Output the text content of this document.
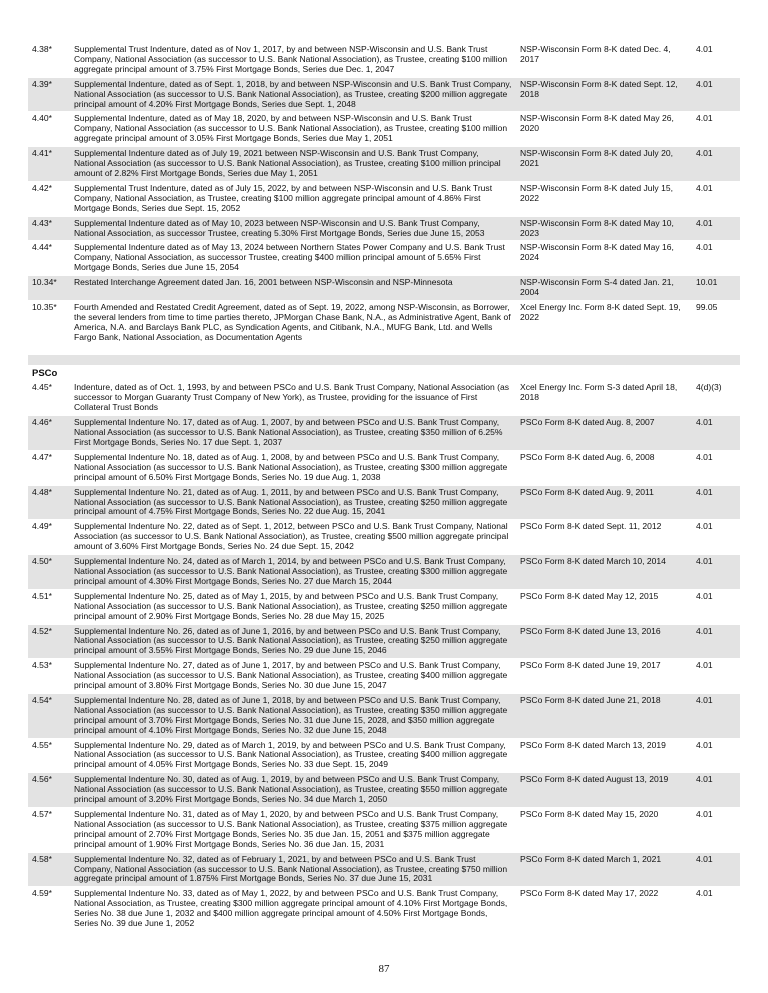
4.38*	Supplemental Trust Indenture, dated as of Nov 1, 2017, by and between NSP-Wisconsin and U.S. Bank Trust Company, National Association (as successor to U.S. Bank National Association), as Trustee, creating $100 million aggregate principal amount of 3.75% First Mortgage Bonds, Series due Dec. 1, 2047	NSP-Wisconsin Form 8-K dated Dec. 4, 2017	4.01
4.39*	Supplemental Indenture, dated as of Sept. 1, 2018, by and between NSP-Wisconsin and U.S. Bank Trust Company, National Association (as successor to U.S. Bank National Association), as Trustee, creating $200 million aggregate principal amount of 4.20% First Mortgage Bonds, Series due Sept. 1, 2048	NSP-Wisconsin Form 8-K dated Sept. 12, 2018	4.01
4.40*	Supplemental Indenture, dated as of May 18, 2020, by and between NSP-Wisconsin and U.S. Bank Trust Company, National Association (as successor to U.S. Bank National Association), as Trustee, creating $100 million aggregate principal amount of 3.05% First Mortgage Bonds, Series due May 1, 2051	NSP-Wisconsin Form 8-K dated May 26, 2020	4.01
4.41*	Supplemental Indenture dated as of July 19, 2021 between NSP-Wisconsin and U.S. Bank Trust Company, National Association (as successor to U.S. Bank National Association), as Trustee, creating $100 million principal amount of 2.82% First Mortgage Bonds, Series due May 1, 2051	NSP-Wisconsin Form 8-K dated July 20, 2021	4.01
4.42*	Supplemental Trust Indenture, dated as of July 15, 2022, by and between NSP-Wisconsin and U.S. Bank Trust Company, National Association, as Trustee, creating $100 million aggregate principal amount of 4.86% First Mortgage Bonds, Series due Sept. 15, 2052	NSP-Wisconsin Form 8-K dated July 15, 2022	4.01
4.43*	Supplemental Indenture dated as of May 10, 2023 between NSP-Wisconsin and U.S. Bank Trust Company, National Association, as successor Trustee, creating 5.30% First Mortgage Bonds, Series due June 15, 2053	NSP-Wisconsin Form 8-K dated May 10, 2023	4.01
4.44*	Supplemental Indenture dated as of May 13, 2024 between Northern States Power Company and U.S. Bank Trust Company, National Association, as successor Trustee, creating $400 million principal amount of 5.65% First Mortgage Bonds, Series due June 15, 2054	NSP-Wisconsin Form 8-K dated May 16, 2024	4.01
10.34*	Restated Interchange Agreement dated Jan. 16, 2001 between NSP-Wisconsin and NSP-Minnesota	NSP-Wisconsin Form S-4 dated Jan. 21, 2004	10.01
10.35*	Fourth Amended and Restated Credit Agreement, dated as of Sept. 19, 2022, among NSP-Wisconsin, as Borrower, the several lenders from time to time parties thereto, JPMorgan Chase Bank, N.A., as Administrative Agent, Bank of America, N.A. and Barclays Bank PLC, as Syndication Agents, and Citibank, N.A., MUFG Bank, Ltd. and Wells Fargo Bank, National Association, as Documentation Agents	Xcel Energy Inc. Form 8-K dated Sept. 19, 2022	99.05

PSCo			
4.45*	Indenture, dated as of Oct. 1, 1993, by and between PSCo and U.S. Bank Trust Company, National Association (as successor to Morgan Guaranty Trust Company of New York), as Trustee, providing for the issuance of First Collateral Trust Bonds	Xcel Energy Inc. Form S-3 dated April 18, 2018	4(d)(3)
4.46*	Supplemental Indenture No. 17, dated as of Aug. 1, 2007, by and between PSCo and U.S. Bank Trust Company, National Association (as successor to U.S. Bank National Association), as Trustee, creating $350 million of 6.25% First Mortgage Bonds, Series No. 17 due Sept. 1, 2037	PSCo Form 8-K dated Aug. 8, 2007	4.01
4.47*	Supplemental Indenture No. 18, dated as of Aug. 1, 2008, by and between PSCo and U.S. Bank Trust Company, National Association (as successor to U.S. Bank National Association), as Trustee, creating $300 million aggregate principal amount of 6.50% First Mortgage Bonds, Series No. 19 due Aug. 1, 2038	PSCo Form 8-K dated Aug. 6, 2008	4.01
4.48*	Supplemental Indenture No. 21, dated as of Aug. 1, 2011, by and between PSCo and U.S. Bank Trust Company, National Association (as successor to U.S. Bank National Association), as Trustee, creating $250 million aggregate principal amount of 4.75% First Mortgage Bonds, Series No. 22 due Aug. 15, 2041	PSCo Form 8-K dated Aug. 9, 2011	4.01
4.49*	Supplemental Indenture No. 22, dated as of Sept. 1, 2012, between PSCo and U.S. Bank Trust Company, National Association (as successor to U.S. Bank National Association), as Trustee, creating $500 million aggregate principal amount of 3.60% First Mortgage Bonds, Series No. 24 due Sept. 15, 2042	PSCo Form 8-K dated Sept. 11, 2012	4.01
4.50*	Supplemental Indenture No. 24, dated as of March 1, 2014, by and between PSCo and U.S. Bank Trust Company, National Association (as successor to U.S. Bank National Association), as Trustee, creating $300 million aggregate principal amount of 4.30% First Mortgage Bonds, Series No. 27 due March 15, 2044	PSCo Form 8-K dated March 10, 2014	4.01
4.51*	Supplemental Indenture No. 25, dated as of May 1, 2015, by and between PSCo and U.S. Bank Trust Company, National Association (as successor to U.S. Bank National Association), as Trustee, creating $250 million aggregate principal amount of 2.90% First Mortgage Bonds, Series No. 28 due May 15, 2025	PSCo Form 8-K dated May 12, 2015	4.01
4.52*	Supplemental Indenture No. 26, dated as of June 1, 2016, by and between PSCo and U.S. Bank Trust Company, National Association (as successor to U.S. Bank National Association), as Trustee, creating $250 million aggregate principal amount of 3.55% First Mortgage Bonds, Series No. 29 due June 15, 2046	PSCo Form 8-K dated June 13, 2016	4.01
4.53*	Supplemental Indenture No. 27, dated as of June 1, 2017, by and between PSCo and U.S. Bank Trust Company, National Association (as successor to U.S. Bank National Association), as Trustee, creating $400 million aggregate principal amount of 3.80% First Mortgage Bonds, Series No. 30 due June 15, 2047	PSCo Form 8-K dated June 19, 2017	4.01
4.54*	Supplemental Indenture No. 28, dated as of June 1, 2018, by and between PSCo and U.S. Bank Trust Company, National Association (as successor to U.S. Bank National Association), as Trustee, creating $350 million aggregate principal amount of 3.70% First Mortgage Bonds, Series No. 31 due June 15, 2028, and $350 million aggregate principal amount of 4.10% First Mortgage Bonds, Series No. 32 due June 15, 2048	PSCo Form 8-K dated June 21, 2018	4.01
4.55*	Supplemental Indenture No. 29, dated as of March 1, 2019, by and between PSCo and U.S. Bank Trust Company, National Association (as successor to U.S. Bank National Association), as Trustee, creating $400 million aggregate principal amount of 4.05% First Mortgage Bonds, Series No. 33 due Sept. 15, 2049	PSCo Form 8-K dated March 13, 2019	4.01
4.56*	Supplemental Indenture No. 30, dated as of Aug. 1, 2019, by and between PSCo and U.S. Bank Trust Company, National Association (as successor to U.S. Bank National Association), as Trustee, creating $550 million aggregate principal amount of 3.20% First Mortgage Bonds, Series No. 34 due March 1, 2050	PSCo Form 8-K dated August 13, 2019	4.01
4.57*	Supplemental Indenture No. 31, dated as of May 1, 2020, by and between PSCo and U.S. Bank Trust Company, National Association (as successor to U.S. Bank National Association), as Trustee, creating $375 million aggregate principal amount of 2.70% First Mortgage Bonds, Series No. 35 due Jan. 15, 2051 and $375 million aggregate principal amount of 1.90% First Mortgage Bonds, Series No. 36 due Jan. 15, 2031	PSCo Form 8-K dated May 15, 2020	4.01
4.58*	Supplemental Indenture No. 32, dated as of February 1, 2021, by and between PSCo and U.S. Bank Trust Company, National Association (as successor to U.S. Bank National Association), as Trustee, creating $750 million aggregate principal amount of 1.875% First Mortgage Bonds, Series No. 37 due June 15, 2031	PSCo Form 8-K dated March 1, 2021	4.01
4.59*	Supplemental Indenture No. 33, dated as of May 1, 2022, by and between PSCo and U.S. Bank Trust Company, National Association, as Trustee, creating $300 million aggregate principal amount of 4.10% First Mortgage Bonds, Series No. 38 due June 1, 2032 and $400 million aggregate principal amount of 4.50% First Mortgage Bonds, Series No. 39 due June 1, 2052	PSCo Form 8-K dated May 17, 2022	4.01
87
